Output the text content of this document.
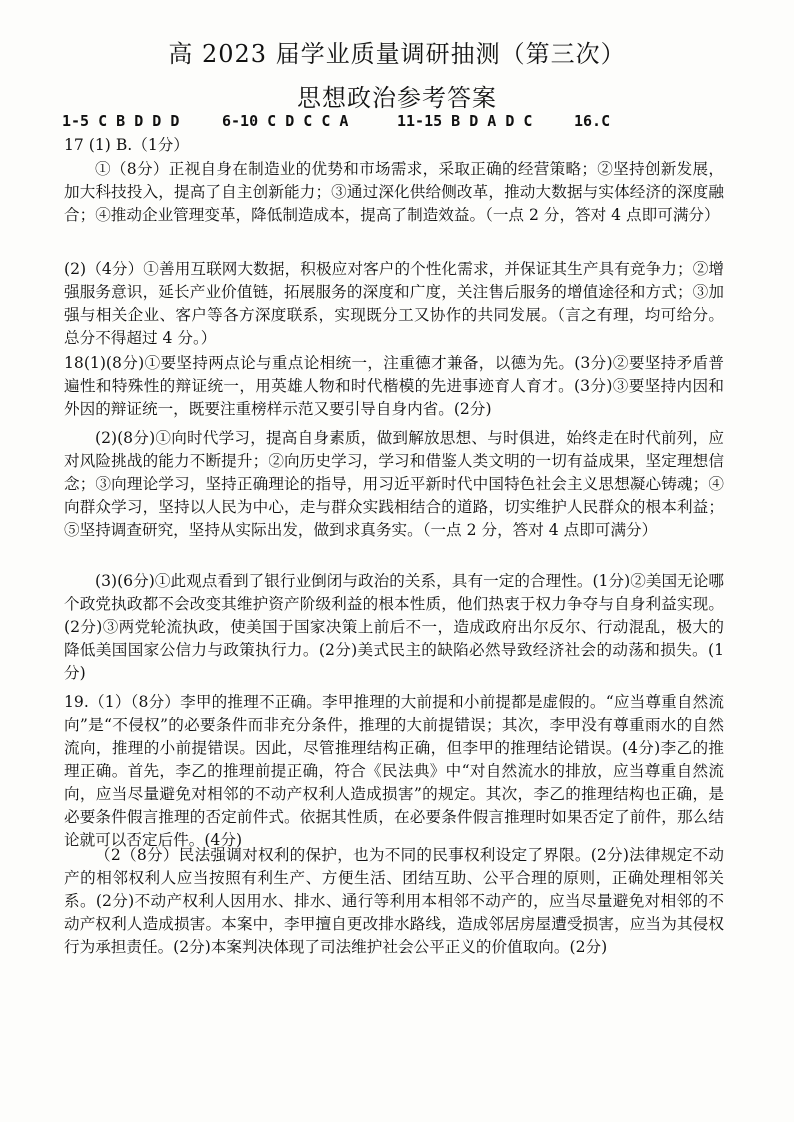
高 2023 届学业质量调研抽测（第三次）
思想政治参考答案
1-5 C B D D D	6-10 C D C C A	11-15 B D A D C	16.C

17 (1) B.（1分）

①（8分）正视自身在制造业的优势和市场需求，采取正确的经营策略；②坚持创新发展，加大科技投入，提高了自主创新能力；③通过深化供给侧改革，推动大数据与实体经济的深度融合；④推动企业管理变革，降低制造成本，提高了制造效益。（一点 2 分，答对 4 点即可满分）

(2)（4分）①善用互联网大数据，积极应对客户的个性化需求，并保证其生产具有竞争力；②增强服务意识，延长产业价值链，拓展服务的深度和广度，关注售后服务的增值途径和方式；③加强与相关企业、客户等各方深度联系，实现既分工又协作的共同发展。（言之有理，均可给分。总分不得超过 4 分。）

18(1)(8分)①要坚持两点论与重点论相统一，注重德才兼备，以德为先。(3分)②要坚持矛盾普遍性和特殊性的辩证统一，用英雄人物和时代楷模的先进事迹育人育才。(3分)③要坚持内因和外因的辩证统一，既要注重榜样示范又要引导自身内省。(2分)

(2)(8分)①向时代学习，提高自身素质，做到解放思想、与时俱进，始终走在时代前列，应对风险挑战的能力不断提升；②向历史学习，学习和借鉴人类文明的一切有益成果，坚定理想信念；③向理论学习，坚持正确理论的指导，用习近平新时代中国特色社会主义思想凝心铸魂；④向群众学习，坚持以人民为中心，走与群众实践相结合的道路，切实维护人民群众的根本利益；⑤坚持调查研究，坚持从实际出发，做到求真务实。（一点 2 分，答对 4 点即可满分）

(3)(6分)①此观点看到了银行业倒闭与政治的关系，具有一定的合理性。(1分)②美国无论哪个政党执政都不会改变其维护资产阶级利益的根本性质，他们热衷于权力争夺与自身利益实现。(2分)③两党轮流执政，使美国于国家决策上前后不一，造成政府出尔反尔、行动混乱，极大的降低美国国家公信力与政策执行力。(2分)美式民主的缺陷必然导致经济社会的动荡和损失。(1分)

19.（1）（8分）李甲的推理不正确。李甲推理的大前提和小前提都是虚假的。“应当尊重自然流向”是“不侵权”的必要条件而非充分条件，推理的大前提错误；其次，李甲没有尊重雨水的自然流向，推理的小前提错误。因此，尽管推理结构正确，但李甲的推理结论错误。(4分)李乙的推理正确。首先，李乙的推理前提正确，符合《民法典》中“对自然流水的排放，应当尊重自然流向，应当尽量避免对相邻的不动产权利人造成损害”的规定。其次，李乙的推理结构也正确，是必要条件假言推理的否定前件式。依据其性质，在必要条件假言推理时如果否定了前件，那么结论就可以否定后件。(4分)

（2（8分）民法强调对权利的保护，也为不同的民事权利设定了界限。(2分)法律规定不动产的相邻权利人应当按照有利生产、方便生活、团结互助、公平合理的原则，正确处理相邻关系。(2分)不动产权利人因用水、排水、通行等利用本相邻不动产的，应当尽量避免对相邻的不动产权利人造成损害。本案中，李甲擅自更改排水路线，造成邻居房屋遭受损害，应当为其侵权行为承担责任。(2分)本案判决体现了司法维护社会公平正义的价值取向。(2分)
